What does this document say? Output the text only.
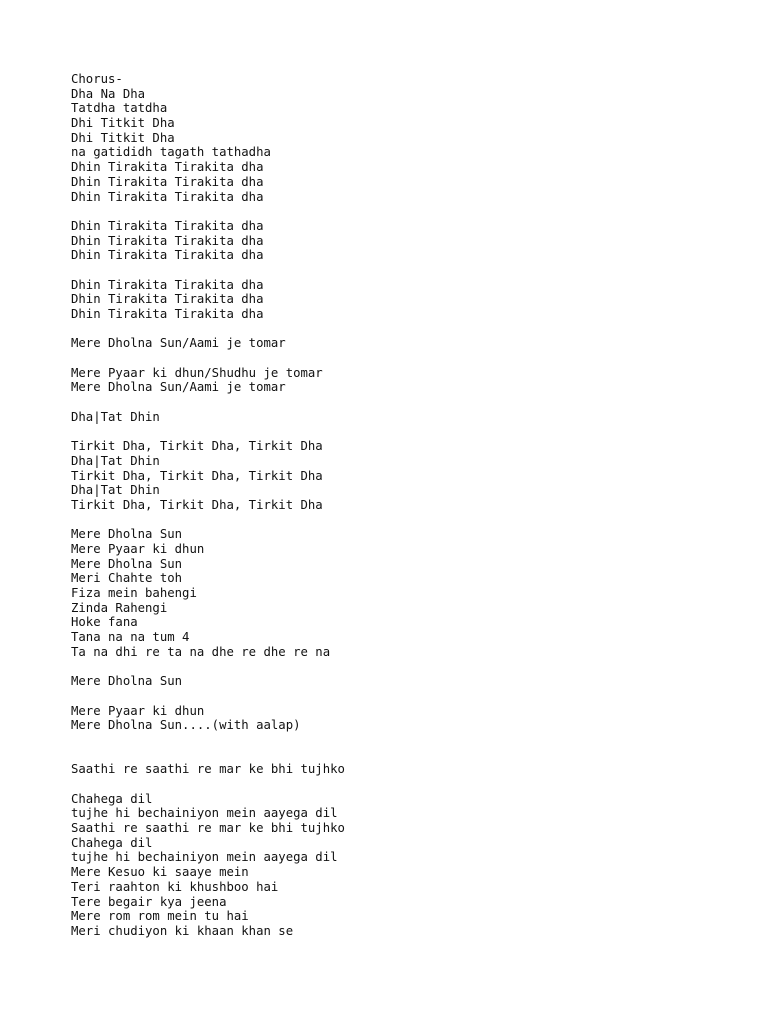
Chorus-
Dha Na Dha
Tatdha tatdha
Dhi Titkit Dha
Dhi Titkit Dha
na gatididh tagath tathadha
Dhin Tirakita Tirakita dha
Dhin Tirakita Tirakita dha
Dhin Tirakita Tirakita dha
Dhin Tirakita Tirakita dha
Dhin Tirakita Tirakita dha
Dhin Tirakita Tirakita dha
Dhin Tirakita Tirakita dha
Dhin Tirakita Tirakita dha
Dhin Tirakita Tirakita dha
Mere Dholna Sun/Aami je tomar
Mere Pyaar ki dhun/Shudhu je tomar
Mere Dholna Sun/Aami je tomar
Dha|Tat Dhin
Tirkit Dha, Tirkit Dha, Tirkit Dha
Dha|Tat Dhin
Tirkit Dha, Tirkit Dha, Tirkit Dha
Dha|Tat Dhin
Tirkit Dha, Tirkit Dha, Tirkit Dha
Mere Dholna Sun
Mere Pyaar ki dhun
Mere Dholna Sun
Meri Chahte toh
Fiza mein bahengi
Zinda Rahengi
Hoke fana
Tana na na tum 4
Ta na dhi re ta na dhe re dhe re na
Mere Dholna Sun
Mere Pyaar ki dhun
Mere Dholna Sun....(with aalap)
Saathi re saathi re mar ke bhi tujhko
Chahega dil
tujhe hi bechainiyon mein aayega dil
Saathi re saathi re mar ke bhi tujhko
Chahega dil
tujhe hi bechainiyon mein aayega dil
Mere Kesuo ki saaye mein
Teri raahton ki khushboo hai
Tere begair kya jeena
Mere rom rom mein tu hai
Meri chudiyon ki khaan khan se
